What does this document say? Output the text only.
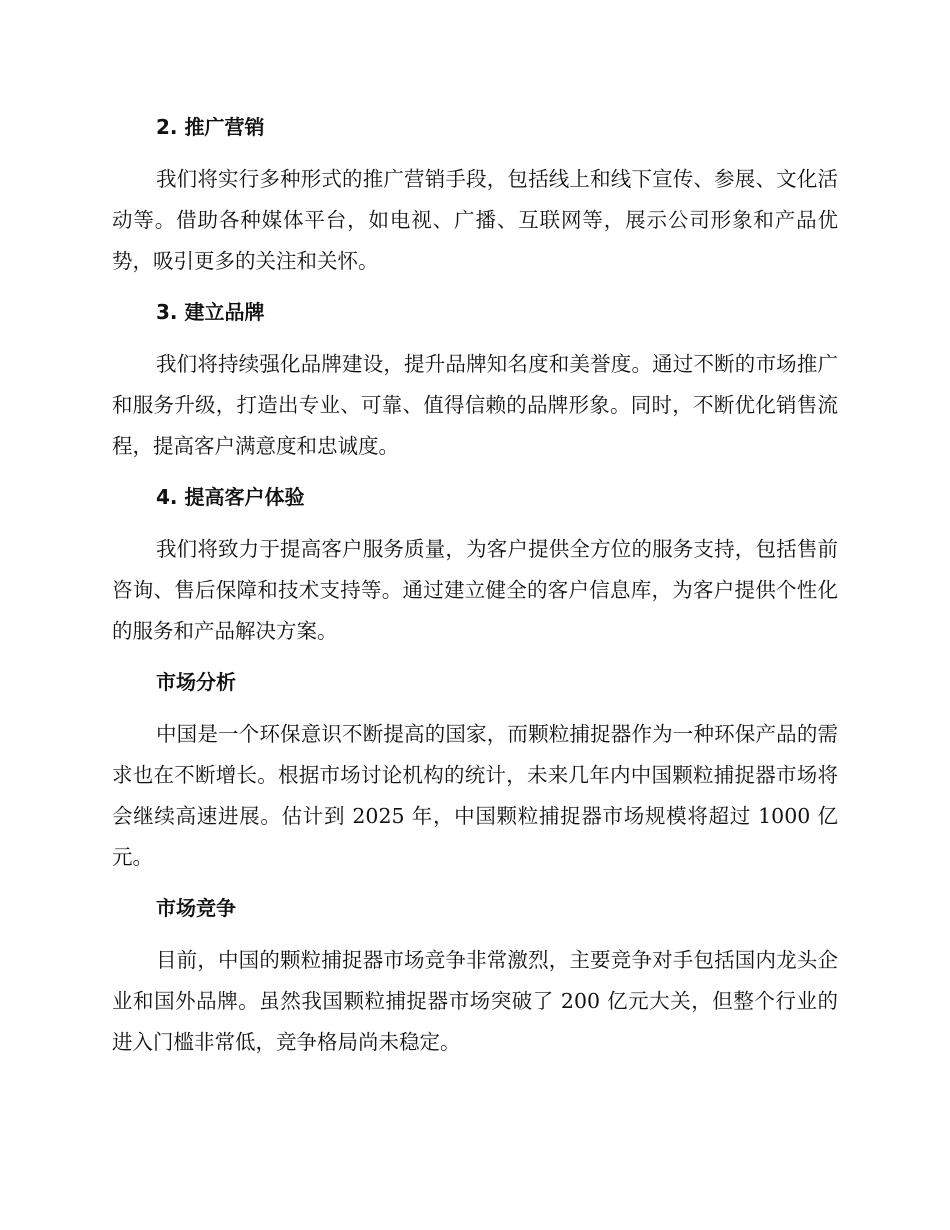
2. 推广营销

我们将实行多种形式的推广营销手段，包括线上和线下宣传、参展、文化活动等。借助各种媒体平台，如电视、广播、互联网等，展示公司形象和产品优势，吸引更多的关注和关怀。

3. 建立品牌

我们将持续强化品牌建设，提升品牌知名度和美誉度。通过不断的市场推广和服务升级，打造出专业、可靠、值得信赖的品牌形象。同时，不断优化销售流程，提高客户满意度和忠诚度。

4. 提高客户体验

我们将致力于提高客户服务质量，为客户提供全方位的服务支持，包括售前咨询、售后保障和技术支持等。通过建立健全的客户信息库，为客户提供个性化的服务和产品解决方案。

市场分析

中国是一个环保意识不断提高的国家，而颗粒捕捉器作为一种环保产品的需求也在不断增长。根据市场讨论机构的统计，未来几年内中国颗粒捕捉器市场将会继续高速进展。估计到 2025 年，中国颗粒捕捉器市场规模将超过 1000 亿元。

市场竞争

目前，中国的颗粒捕捉器市场竞争非常激烈，主要竞争对手包括国内龙头企业和国外品牌。虽然我国颗粒捕捉器市场突破了 200 亿元大关，但整个行业的进入门槛非常低，竞争格局尚未稳定。
